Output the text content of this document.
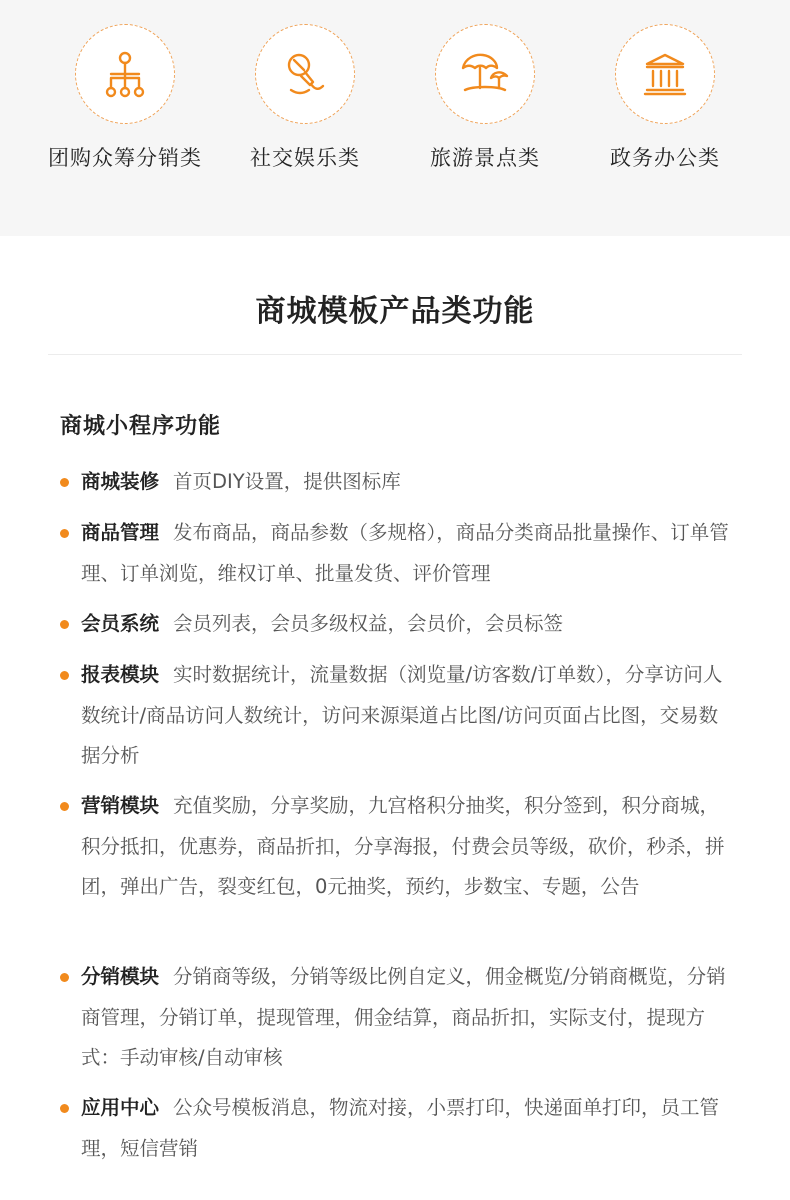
团购众筹分销类	社交娱乐类	旅游景点类	政务办公类
商城模板产品类功能
商城小程序功能
商城装修 首页DIY设置，提供图标库
商品管理 发布商品，商品参数（多规格），商品分类商品批量操作、订单管理、订单浏览，维权订单、批量发货、评价管理
会员系统 会员列表，会员多级权益，会员价，会员标签
报表模块 实时数据统计，流量数据（浏览量/访客数/订单数），分享访问人数统计/商品访问人数统计，访问来源渠道占比图/访问页面占比图，交易数据分析
营销模块 充值奖励，分享奖励，九宫格积分抽奖，积分签到，积分商城，积分抵扣，优惠券，商品折扣，分享海报，付费会员等级，砍价，秒杀，拼团，弹出广告，裂变红包，0元抽奖，预约，步数宝、专题，公告
分销模块 分销商等级，分销等级比例自定义，佣金概览/分销商概览，分销商管理，分销订单，提现管理，佣金结算，商品折扣，实际支付，提现方式：手动审核/自动审核
应用中心 公众号模板消息，物流对接，小票打印，快递面单打印，员工管理，短信营销
